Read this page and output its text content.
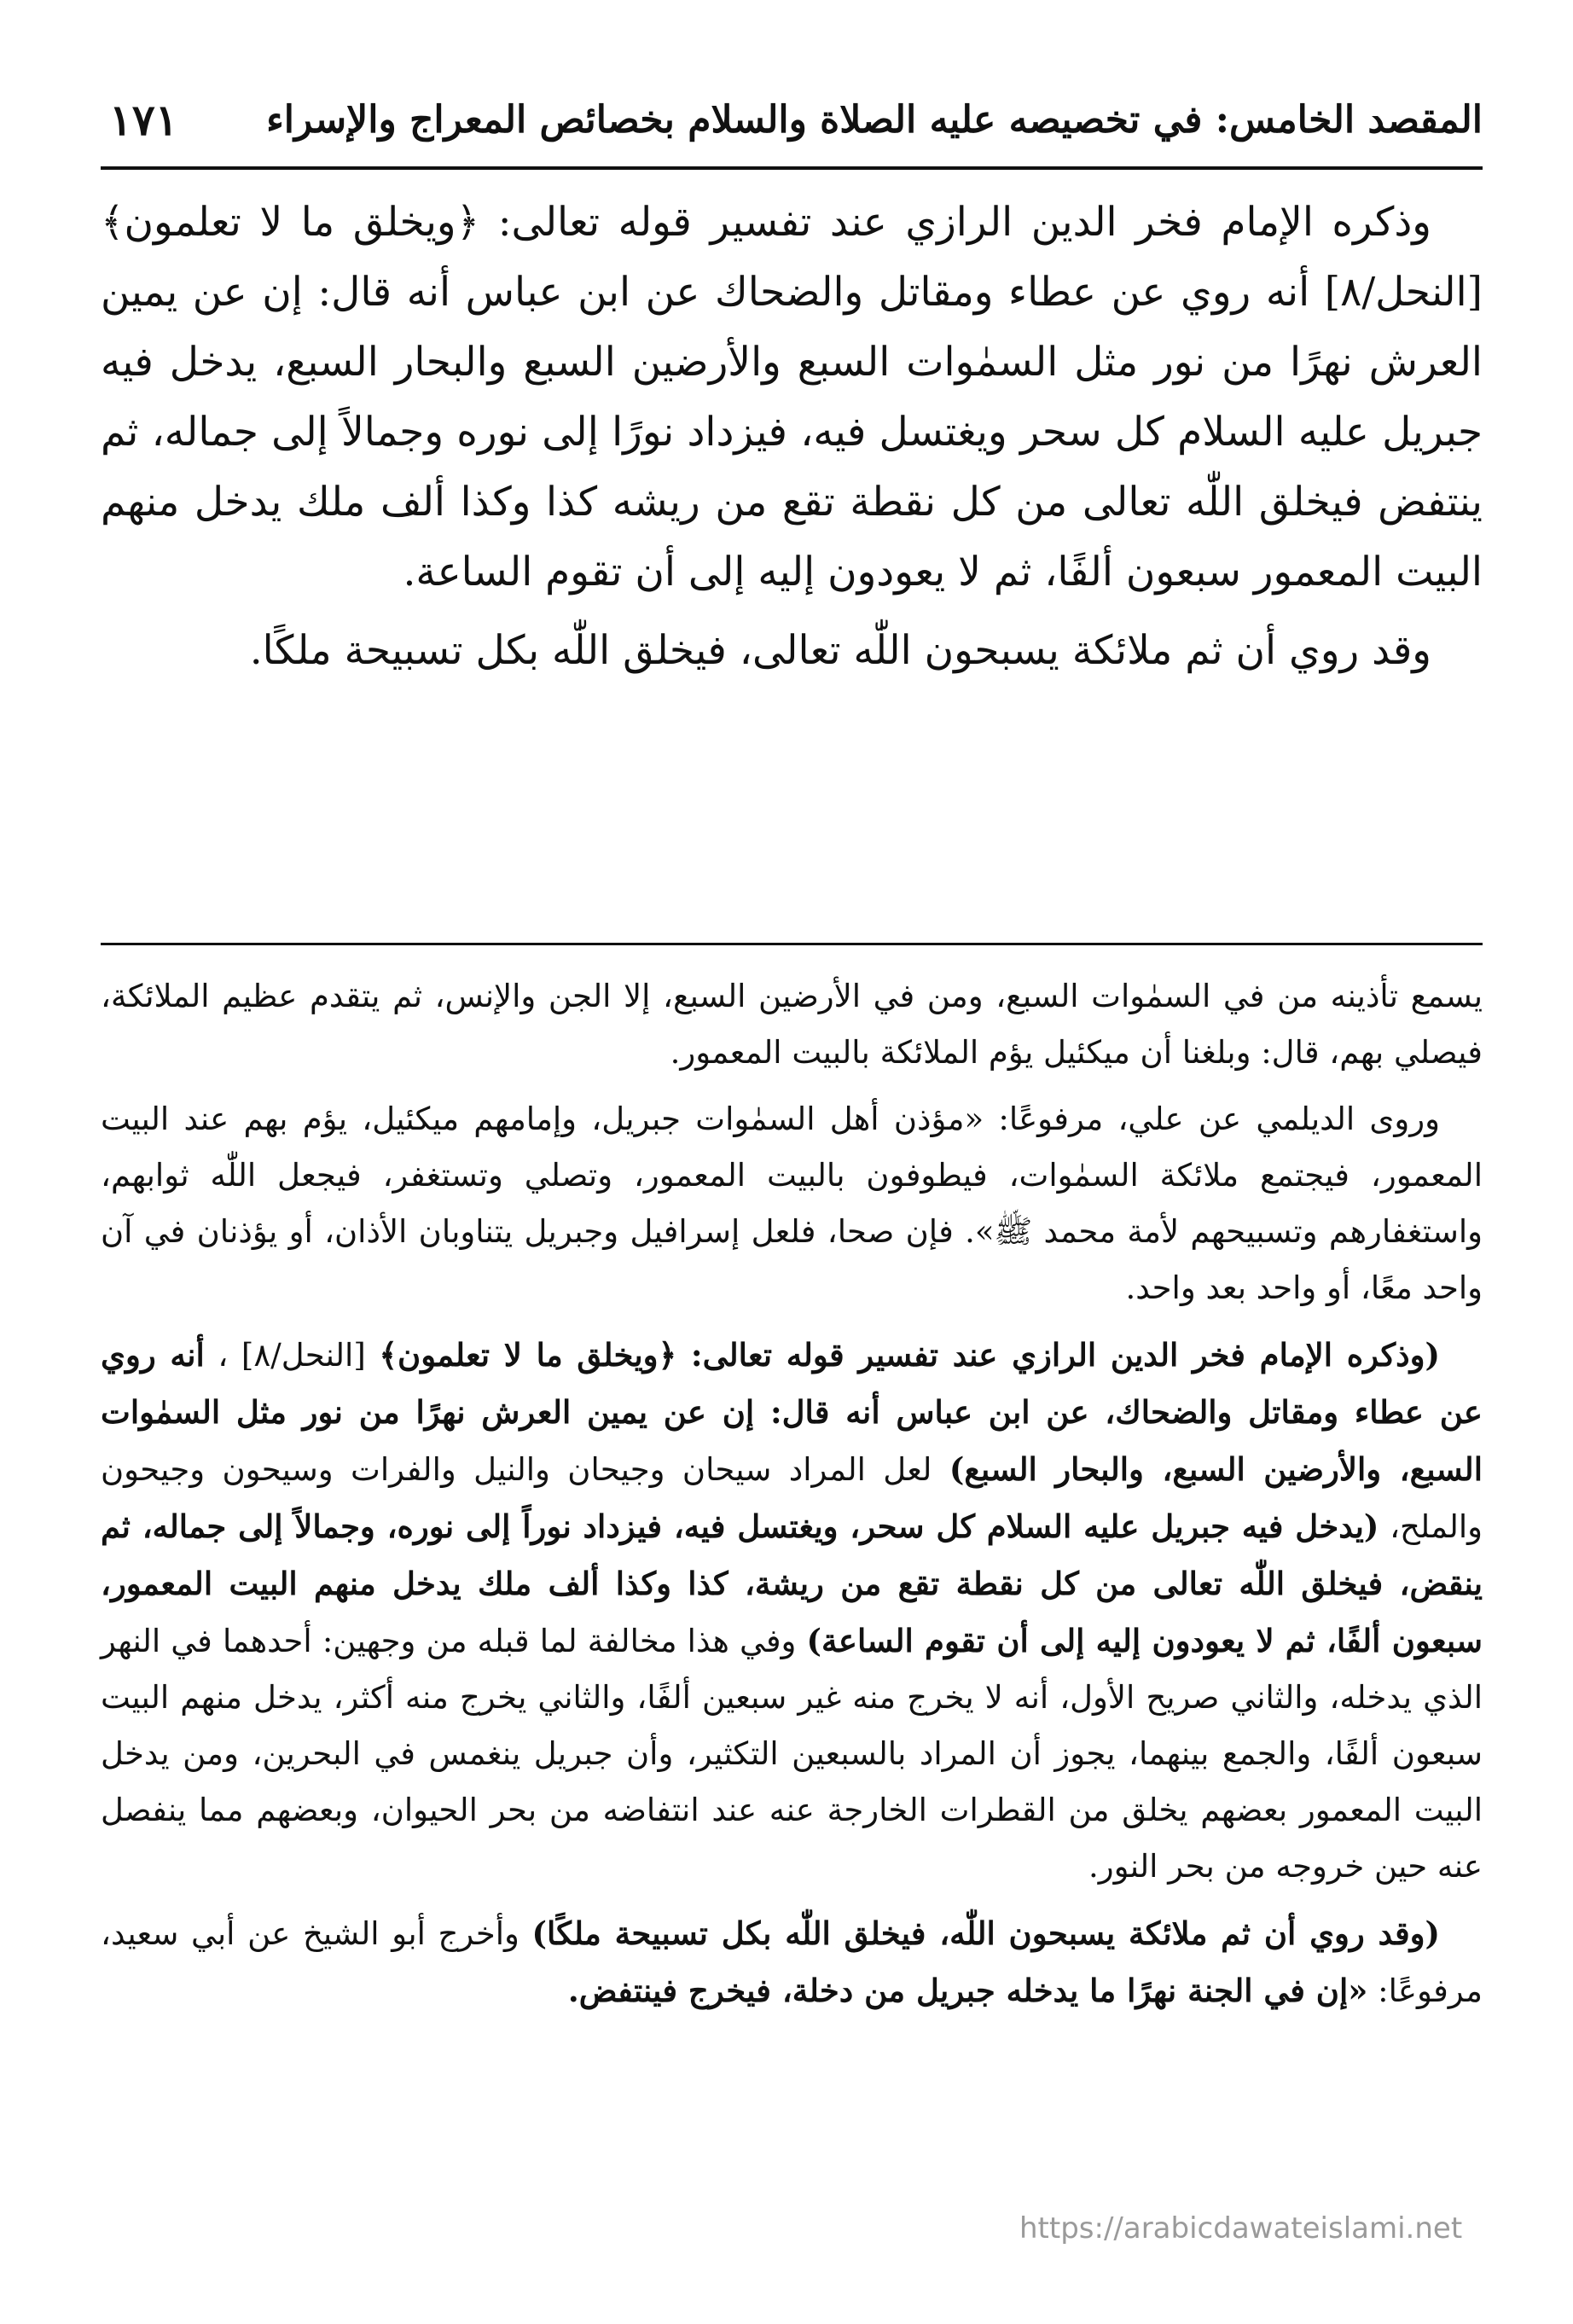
المقصد الخامس: في تخصيصه عليه الصلاة والسلام بخصائص المعراج والإسراء
١٧١

وذكره الإمام فخر الدين الرازي عند تفسير قوله تعالى: ﴿ويخلق ما لا تعلمون﴾ [النحل/٨] أنه روي عن عطاء ومقاتل والضحاك عن ابن عباس أنه قال: إن عن يمين العرش نهرًا من نور مثل السمٰوات السبع والأرضين السبع والبحار السبع، يدخل فيه جبريل عليه السلام كل سحر ويغتسل فيه، فيزداد نورًا إلى نوره وجمالاً إلى جماله، ثم ينتفض فيخلق اللّٰه تعالى من كل نقطة تقع من ريشه كذا وكذا ألف ملك يدخل منهم البيت المعمور سبعون ألفًا، ثم لا يعودون إليه إلى أن تقوم الساعة.

وقد روي أن ثم ملائكة يسبحون اللّٰه تعالى، فيخلق اللّٰه بكل تسبيحة ملكًا.

يسمع تأذينه من في السمٰوات السبع، ومن في الأرضين السبع، إلا الجن والإنس، ثم يتقدم عظيم الملائكة، فيصلي بهم، قال: وبلغنا أن ميكئيل يؤم الملائكة بالبيت المعمور.

وروى الديلمي عن علي، مرفوعًا: «مؤذن أهل السمٰوات جبريل، وإمامهم ميكئيل، يؤم بهم عند البيت المعمور، فيجتمع ملائكة السمٰوات، فيطوفون بالبيت المعمور، وتصلي وتستغفر، فيجعل اللّٰه ثوابهم، واستغفارهم وتسبيحهم لأمة محمد ﷺ». فإن صحا، فلعل إسرافيل وجبريل يتناوبان الأذان، أو يؤذنان في آن واحد معًا، أو واحد بعد واحد.

(وذكره الإمام فخر الدين الرازي عند تفسير قوله تعالى: ﴿ويخلق ما لا تعلمون﴾ [النحل/٨] ، أنه روي عن عطاء ومقاتل والضحاك، عن ابن عباس أنه قال: إن عن يمين العرش نهرًا من نور مثل السمٰوات السبع، والأرضين السبع، والبحار السبع) لعل المراد سيحان وجيحان والنيل والفرات وسيحون وجيحون والملح، (يدخل فيه جبريل عليه السلام كل سحر، ويغتسل فيه، فيزداد نوراً إلى نوره، وجمالاً إلى جماله، ثم ينقض، فيخلق اللّٰه تعالى من كل نقطة تقع من ريشة، كذا وكذا ألف ملك يدخل منهم البيت المعمور، سبعون ألفًا، ثم لا يعودون إليه إلى أن تقوم الساعة) وفي هذا مخالفة لما قبله من وجهين: أحدهما في النهر الذي يدخله، والثاني صريح الأول، أنه لا يخرج منه غير سبعين ألفًا، والثاني يخرج منه أكثر، يدخل منهم البيت سبعون ألفًا، والجمع بينهما، يجوز أن المراد بالسبعين التكثير، وأن جبريل ينغمس في البحرين، ومن يدخل البيت المعمور بعضهم يخلق من القطرات الخارجة عنه عند انتفاضه من بحر الحيوان، وبعضهم مما ينفصل عنه حين خروجه من بحر النور.

(وقد روي أن ثم ملائكة يسبحون اللّٰه، فيخلق اللّٰه بكل تسبيحة ملكًا) وأخرج أبو الشيخ عن أبي سعيد، مرفوعًا: «إن في الجنة نهرًا ما يدخله جبريل من دخلة، فيخرج فينتفض.

https://arabicdawateislami.net
